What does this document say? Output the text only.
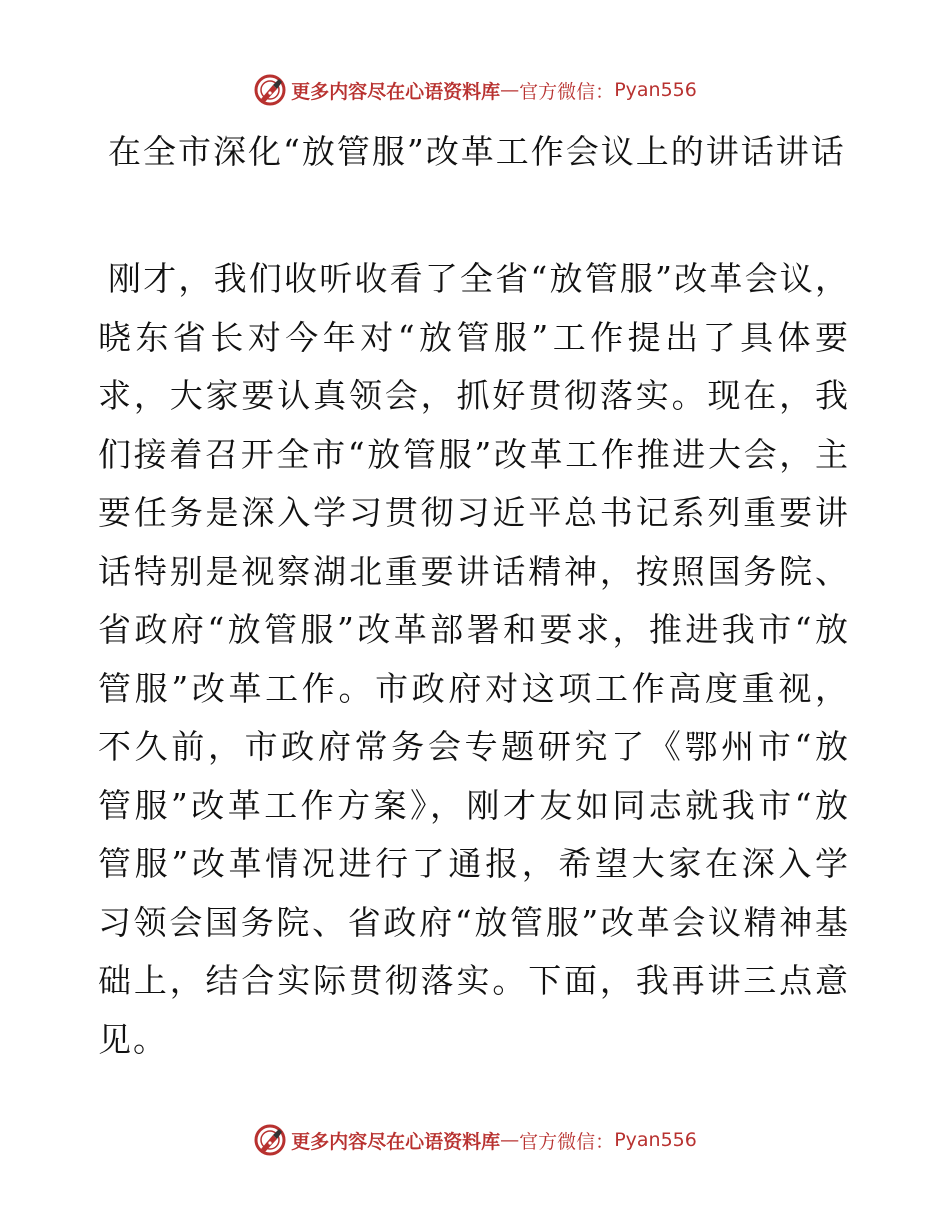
更多内容尽在心语资料库 — 官方微信： Pyan556
在全市深化“放管服”改革工作会议上的讲话讲话

刚才，我们收听收看了全省“放管服”改革会议，晓东省长对今年对“放管服”工作提出了具体要求，大家要认真领会，抓好贯彻落实。现在，我们接着召开全市“放管服”改革工作推进大会，主要任务是深入学习贯彻习近平总书记系列重要讲话特别是视察湖北重要讲话精神，按照国务院、省政府“放管服”改革部署和要求，推进我市“放管服”改革工作。市政府对这项工作高度重视，不久前，市政府常务会专题研究了《鄂州市“放管服”改革工作方案》，刚才友如同志就我市“放管服”改革情况进行了通报，希望大家在深入学习领会国务院、省政府“放管服”改革会议精神基础上，结合实际贯彻落实。下面，我再讲三点意见。

更多内容尽在心语资料库 — 官方微信： Pyan556
